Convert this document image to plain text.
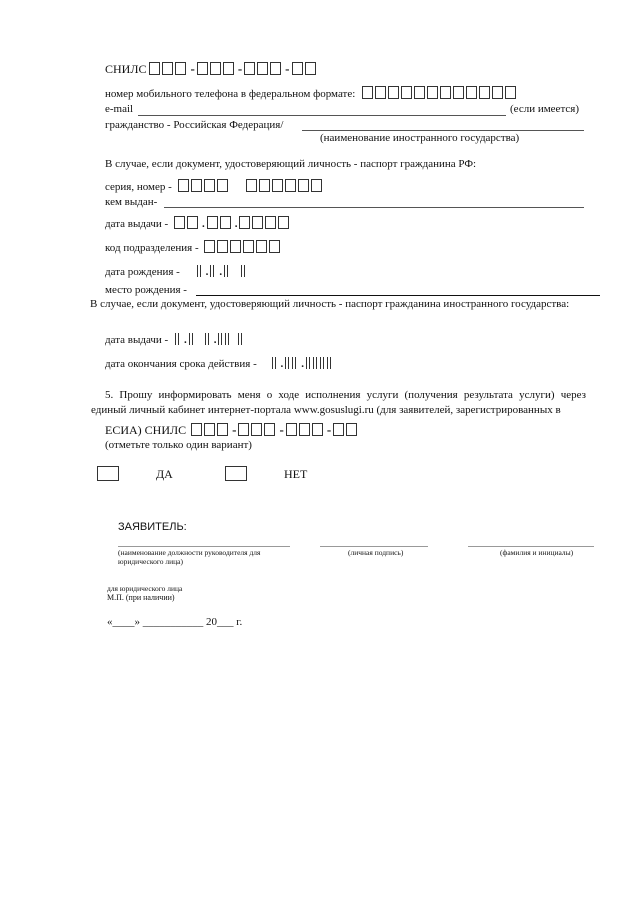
СНИЛС	-	-	-
номер мобильного телефона в федеральном формате:
e-mail	(если имеется)
гражданство - Российская Федерация/
(наименование иностранного государства)
В случае, если документ, удостоверяющий личность - паспорт гражданина РФ:
серия, номер -
кем выдан-
дата выдачи -	.	.
код подразделения -
дата рождения - . .
место рождения -
В случае, если документ, удостоверяющий личность - паспорт гражданина иностранного государства:
дата выдачи - . .
дата окончания срока действия - . .
5. Прошу информировать меня о ходе исполнения услуги (получения результата услуги) через единый личный кабинет интернет-портала www.gosuslugi.ru (для заявителей, зарегистрированных в
ЕСИА) СНИЛС	-	-	-
(отметьте только один вариант)
ДА	НЕТ
ЗАЯВИТЕЛЬ:
(наименование должности руководителя для юридического лица)
(личная подпись)	(фамилия и инициалы)
для юридического лица
М.П. (при наличии)
«____» ___________ 20___ г.
